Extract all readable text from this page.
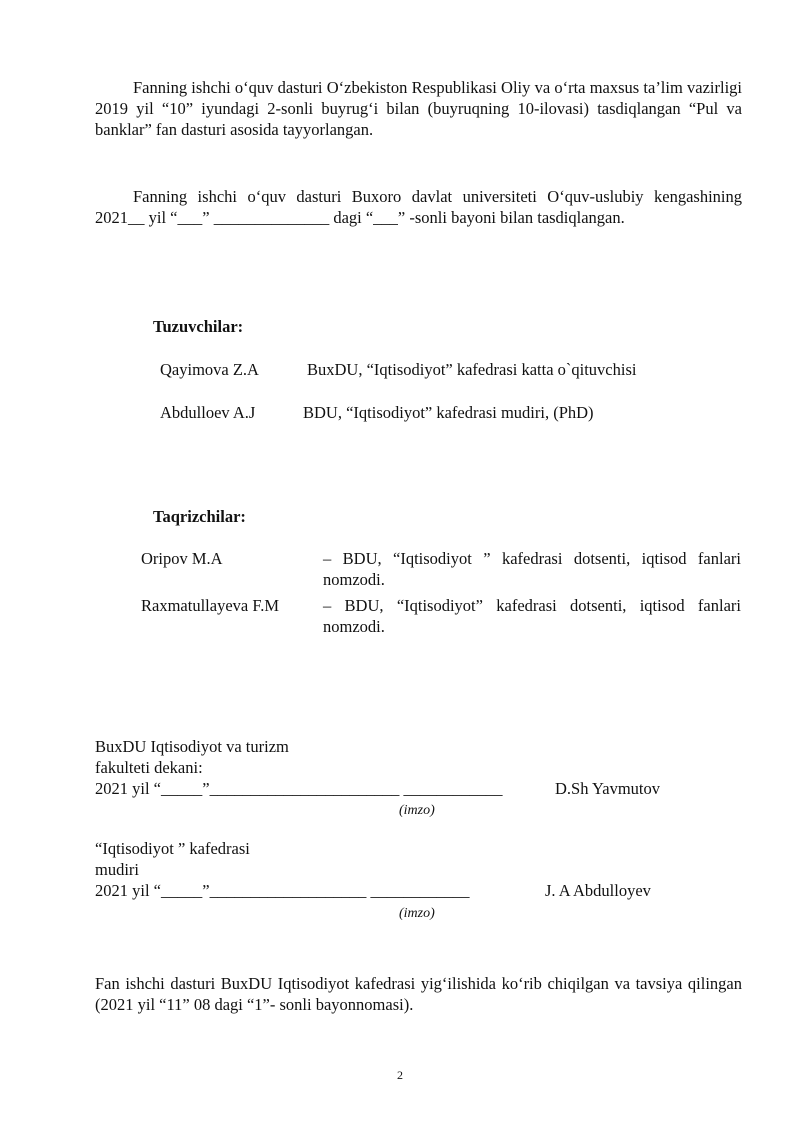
Fanning ishchi o‘quv dasturi O‘zbekiston Respublikasi Oliy va o‘rta maxsus ta’lim vazirligi 2019 yil “10” iyundagi 2-sonli buyrug‘i bilan (buyruqning 10-ilovasi) tasdiqlangan “Pul va banklar” fan dasturi asosida tayyorlangan.

Fanning ishchi o‘quv dasturi Buxoro davlat universiteti O‘quv-uslubiy kengashining 2021__ yil “___” ______________ dagi “___” -sonli bayoni bilan tasdiqlangan.

Tuzuvchilar:
Qayimova Z.A	BuxDU, “Iqtisodiyot” kafedrasi katta o`qituvchisi
Abdulloev A.J	BDU, “Iqtisodiyot” kafedrasi mudiri, (PhD)
Taqrizchilar:
Oripov M.A	– BDU, “Iqtisodiyot ” kafedrasi dotsenti, iqtisod fanlari nomzodi.
Raxmatullayeva F.M	– BDU, “Iqtisodiyot” kafedrasi dotsenti, iqtisod fanlari nomzodi.
BuxDU Iqtisodiyot va turizm
fakulteti dekani:
2021 yil “_____”_______________________ ____________	D.Sh Yavmutov
(imzo)
“Iqtisodiyot ” kafedrasi
mudiri
2021 yil “_____”___________________ ____________	J. A Abdulloyev
(imzo)

Fan ishchi dasturi BuxDU Iqtisodiyot kafedrasi yig‘ilishida ko‘rib chiqilgan va tavsiya qilingan (2021 yil “11” 08 dagi “1”- sonli bayonnomasi).

2
